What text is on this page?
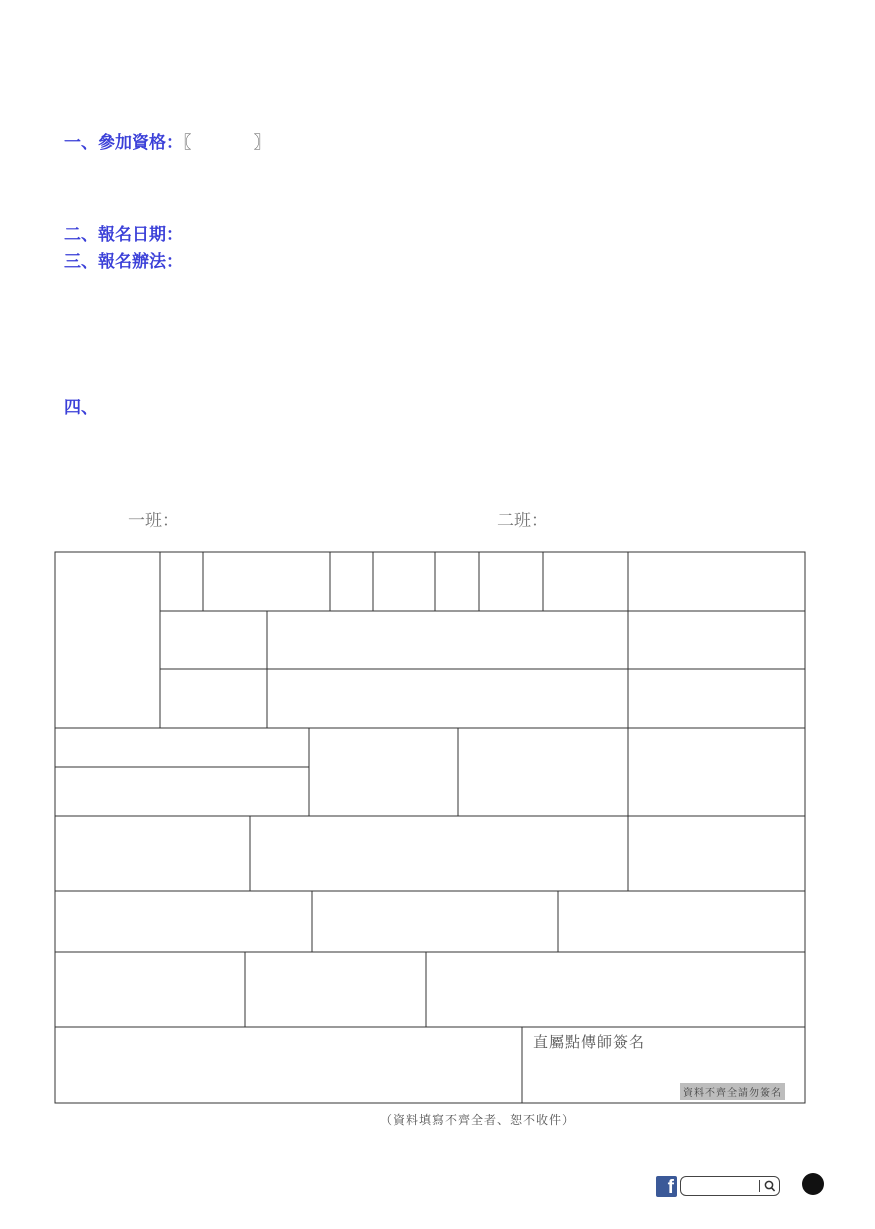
一、參加資格：〖	〗
二、報名日期：
三、報名辦法：
四、
一班：	二班：
直屬點傳師簽名
資料不齊全請勿簽名
（資料填寫不齊全者、恕不收件）
f
